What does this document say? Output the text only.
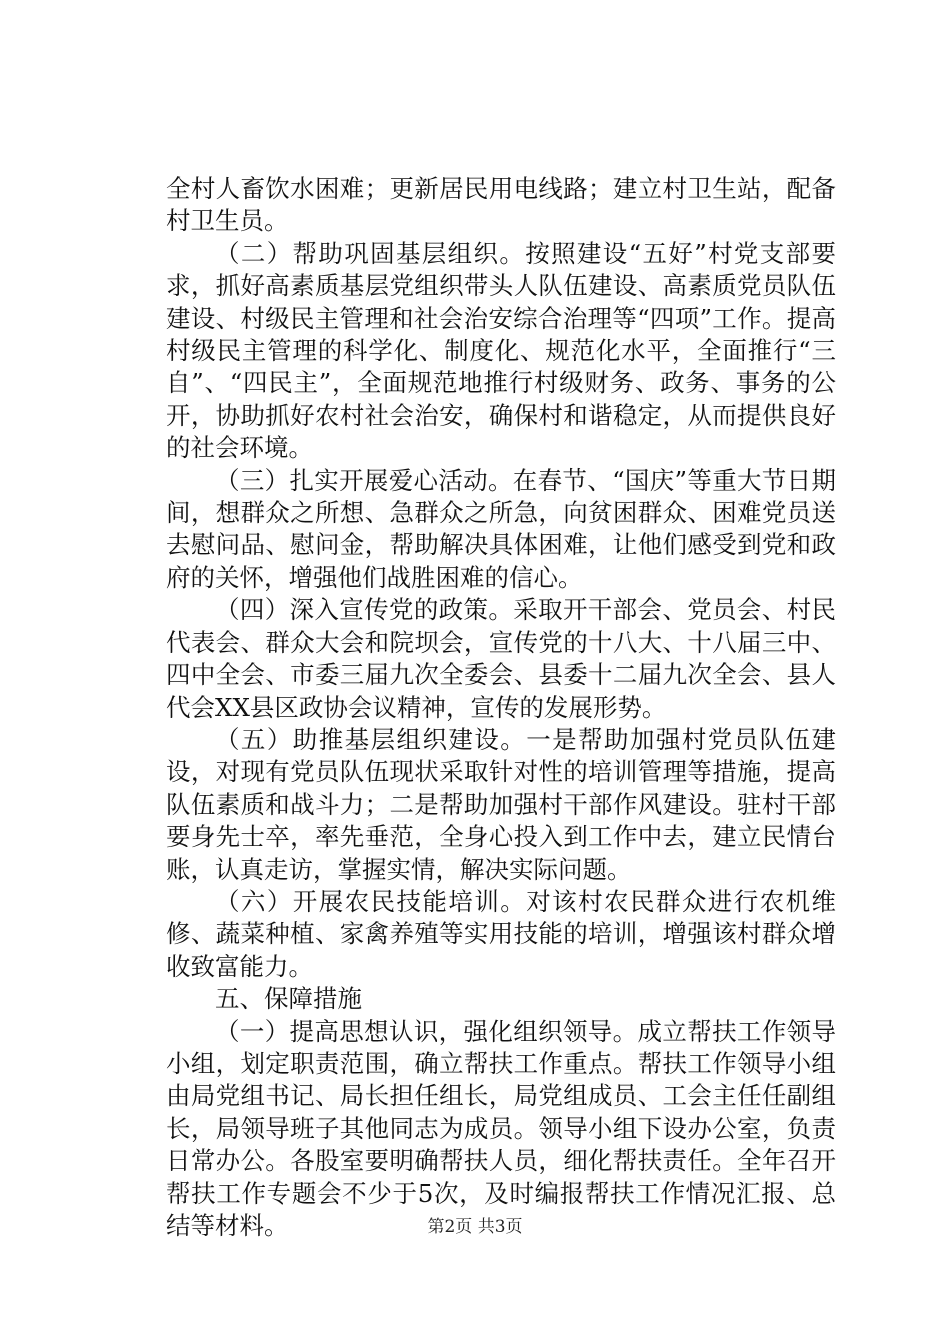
全村人畜饮水困难；更新居民用电线路；建立村卫生站，配备村卫生员。

（二）帮助巩固基层组织。按照建设“五好”村党支部要求，抓好高素质基层党组织带头人队伍建设、高素质党员队伍建设、村级民主管理和社会治安综合治理等“四项”工作。提高村级民主管理的科学化、制度化、规范化水平，全面推行“三自”、“四民主”，全面规范地推行村级财务、政务、事务的公开，协助抓好农村社会治安，确保村和谐稳定，从而提供良好的社会环境。

（三）扎实开展爱心活动。在春节、“国庆”等重大节日期间，想群众之所想、急群众之所急，向贫困群众、困难党员送去慰问品、慰问金，帮助解决具体困难，让他们感受到党和政府的关怀，增强他们战胜困难的信心。

（四）深入宣传党的政策。采取开干部会、党员会、村民代表会、群众大会和院坝会，宣传党的十八大、十八届三中、四中全会、市委三届九次全委会、县委十二届九次全会、县人代会XX县区政协会议精神，宣传的发展形势。

（五）助推基层组织建设。一是帮助加强村党员队伍建设，对现有党员队伍现状采取针对性的培训管理等措施，提高队伍素质和战斗力；二是帮助加强村干部作风建设。驻村干部要身先士卒，率先垂范，全身心投入到工作中去，建立民情台账，认真走访，掌握实情，解决实际问题。

（六）开展农民技能培训。对该村农民群众进行农机维修、蔬菜种植、家禽养殖等实用技能的培训，增强该村群众增收致富能力。

五、保障措施

（一）提高思想认识，强化组织领导。成立帮扶工作领导小组，划定职责范围，确立帮扶工作重点。帮扶工作领导小组由局党组书记、局长担任组长，局党组成员、工会主任任副组长，局领导班子其他同志为成员。领导小组下设办公室，负责日常办公。各股室要明确帮扶人员，细化帮扶责任。全年召开帮扶工作专题会不少于5次，及时编报帮扶工作情况汇报、总结等材料。	第2页 共3页
